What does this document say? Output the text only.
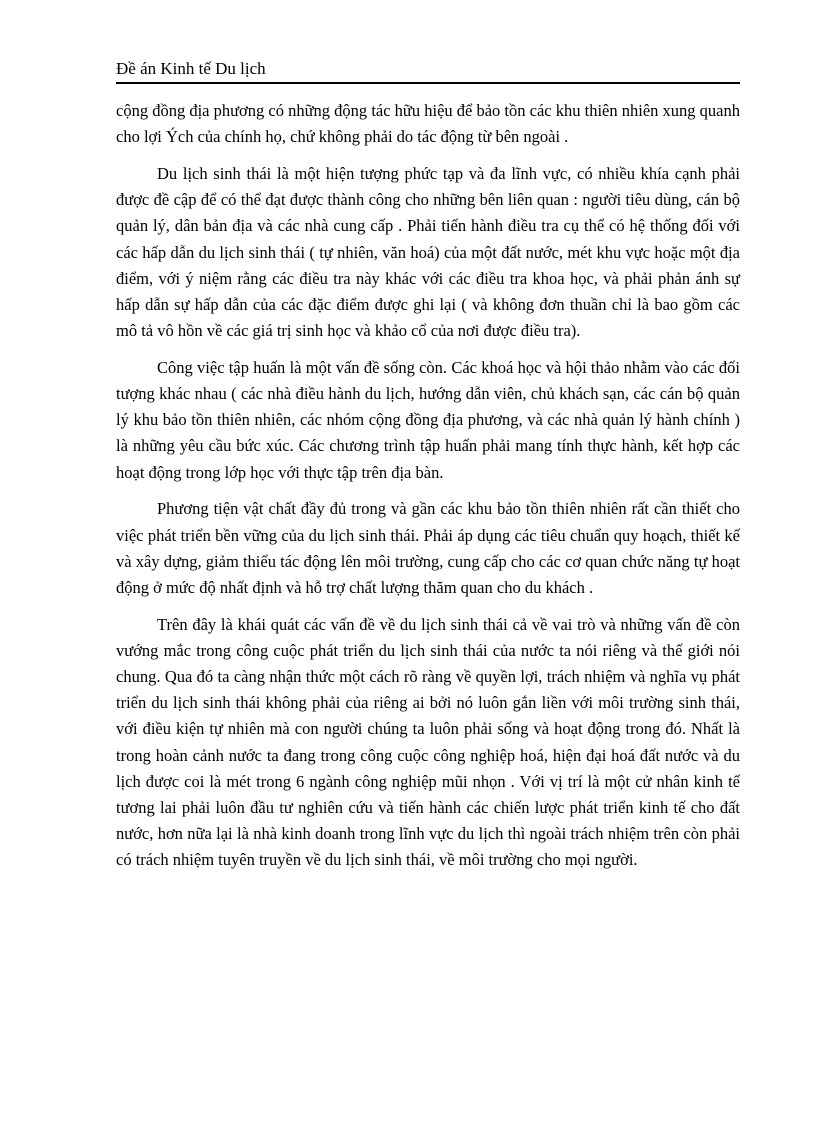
Đề án Kinh tế Du lịch

cộng đồng địa phương có những động tác hữu hiệu để bảo tồn các khu thiên nhiên xung quanh cho lợi Ých của chính họ, chứ không phải do tác động từ bên ngoài .

Du lịch sinh thái là một hiện tượng phức tạp và đa lĩnh vực, có nhiều khía cạnh phải được đề cập để có thể đạt được thành công cho những bên liên quan : người tiêu dùng, cán bộ quản lý, dân bản địa và các nhà cung cấp . Phải tiến hành điều tra cụ thể có hệ thống đối với các hấp dẫn du lịch sinh thái ( tự nhiên, văn hoá) của một đất nước, mét khu vực hoặc một địa điểm, với ý niệm rằng các điều tra này khác với các điều tra khoa học, và phải phản ánh sự hấp dẫn sự hấp dẫn của các đặc điểm được ghi lại ( và không đơn thuần chỉ là bao gồm các mô tả vô hồn về các giá trị sinh học và khảo cổ của nơi được điều tra).

Công việc tập huấn là một vấn đề sống còn. Các khoá học và hội thảo nhằm vào các đối tượng khác nhau ( các nhà điều hành du lịch, hướng dẫn viên, chủ khách sạn, các cán bộ quản lý khu bảo tồn thiên nhiên, các nhóm cộng đồng địa phương, và các nhà quản lý hành chính ) là những yêu cầu bức xúc. Các chương trình tập huấn phải mang tính thực hành, kết hợp các hoạt động trong lớp học với thực tập trên địa bàn.

Phương tiện vật chất đầy đủ trong và gần các khu bảo tồn thiên nhiên rất cần thiết cho việc phát triển bền vững của du lịch sinh thái. Phải áp dụng các tiêu chuẩn quy hoạch, thiết kế và xây dựng, giảm thiểu tác động lên môi trường, cung cấp cho các cơ quan chức năng tự hoạt động ở mức độ nhất định và hỗ trợ chất lượng thăm quan cho du khách .

Trên đây là khái quát các vấn đề về du lịch sinh thái cả về vai trò và những vấn đề còn vướng mắc trong công cuộc phát triển du lịch sinh thái của nước ta nói riêng và thế giới nói chung. Qua đó ta càng nhận thức một cách rõ ràng về quyền lợi, trách nhiệm và nghĩa vụ phát triển du lịch sinh thái không phải của riêng ai bởi nó luôn gắn liền với môi trường sinh thái, với điều kiện tự nhiên mà con người chúng ta luôn phải sống và hoạt động trong đó. Nhất là trong hoàn cảnh nước ta đang trong công cuộc công nghiệp hoá, hiện đại hoá đất nước và du lịch được coi là mét trong 6 ngành công nghiệp mũi nhọn . Với vị trí là một cử nhân kinh tế tương lai phải luôn đầu tư nghiên cứu và tiến hành các chiến lược phát triển kinh tế cho đất nước, hơn nữa lại là nhà kinh doanh trong lĩnh vực du lịch thì ngoài trách nhiệm trên còn phải có trách nhiệm tuyên truyền về du lịch sinh thái, về môi trường cho mọi người.
